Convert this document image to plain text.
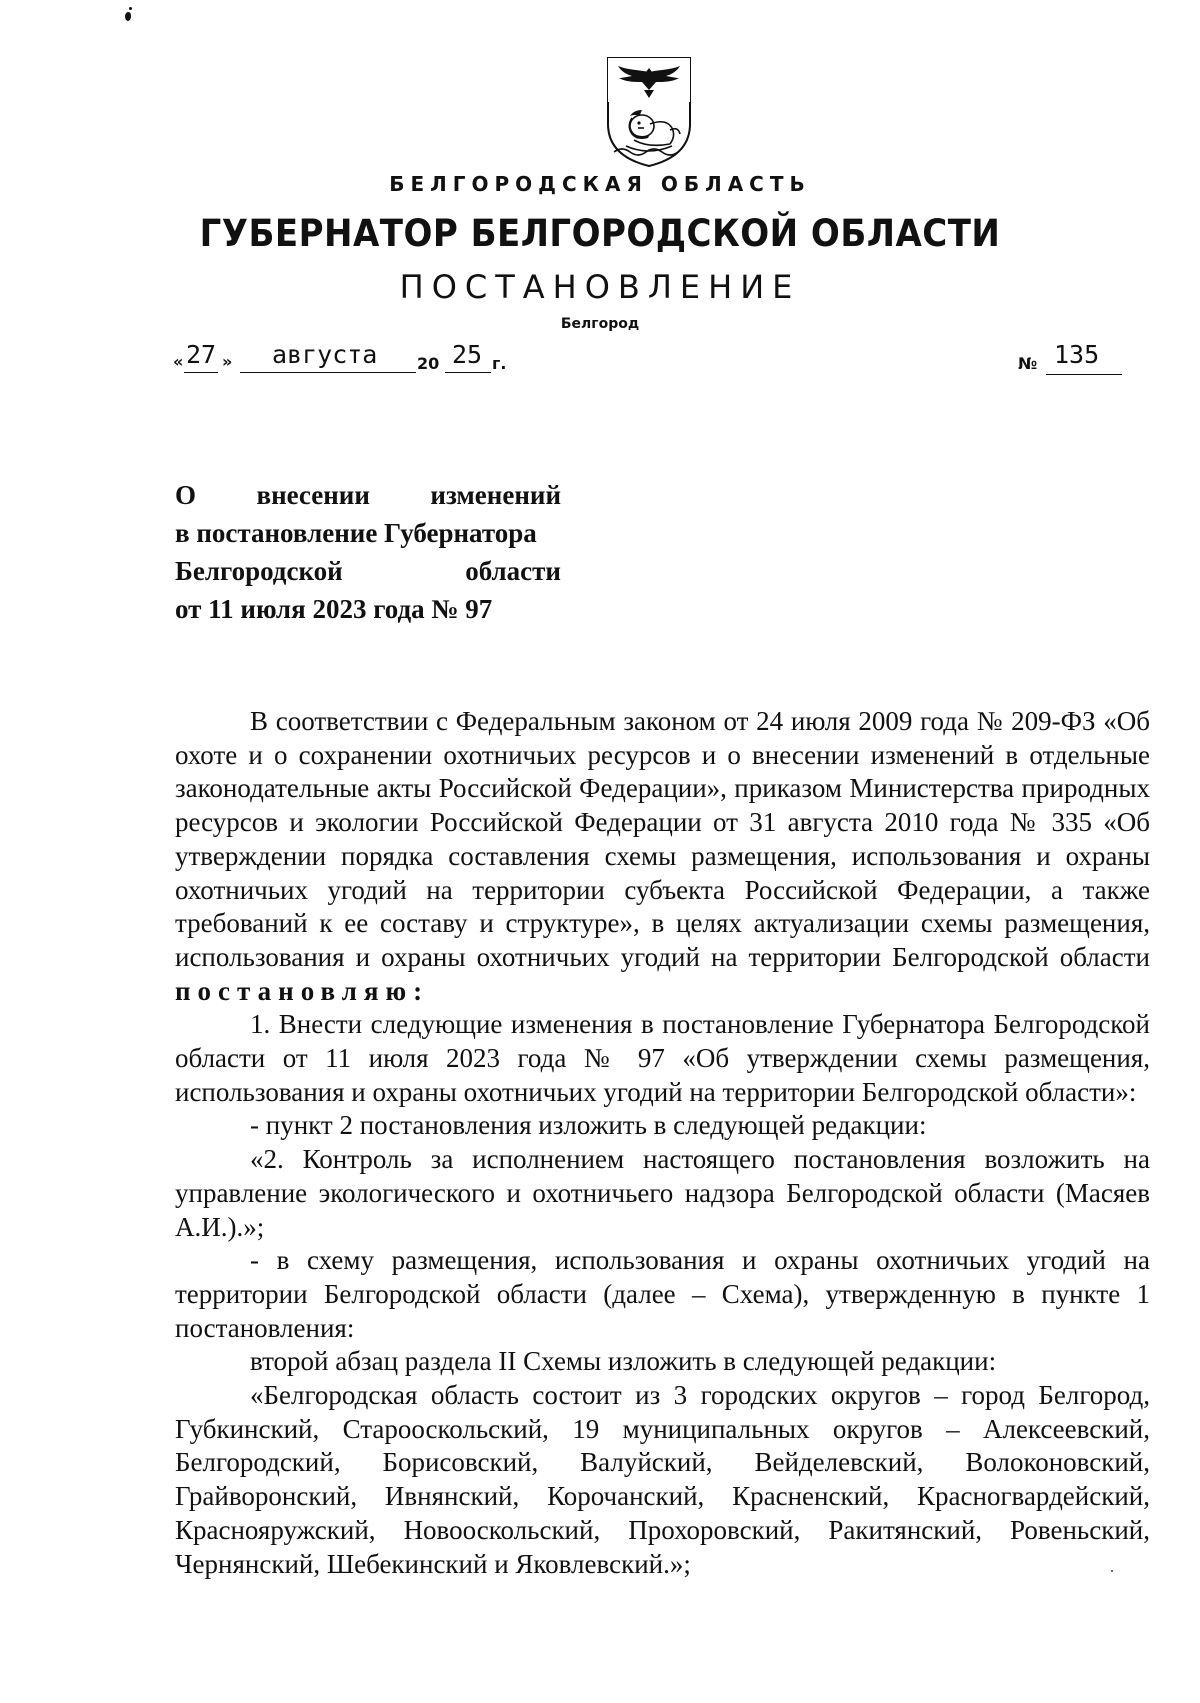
БЕЛГОРОДСКАЯ ОБЛАСТЬ
ГУБЕРНАТОР БЕЛГОРОДСКОЙ ОБЛАСТИ
ПОСТАНОВЛЕНИЕ
Белгород
« 27 » августа 20 25 г.	№ 135
О внесении изменений
в постановление Губернатора
Белгородской области
от 11 июля 2023 года № 97

В соответствии с Федеральным законом от 24 июля 2009 года № 209-ФЗ «Об охоте и о сохранении охотничьих ресурсов и о внесении изменений в отдельные законодательные акты Российской Федерации», приказом Министерства природных ресурсов и экологии Российской Федерации от 31 августа 2010 года № 335 «Об утверждении порядка составления схемы размещения, использования и охраны охотничьих угодий на территории субъекта Российской Федерации, а также требований к ее составу и структуре», в целях актуализации схемы размещения, использования и охраны охотничьих угодий на территории Белгородской области постановляю:

1. Внести следующие изменения в постановление Губернатора Белгородской области от 11 июля 2023 года № 97 «Об утверждении схемы размещения, использования и охраны охотничьих угодий на территории Белгородской области»:

- пункт 2 постановления изложить в следующей редакции:

«2. Контроль за исполнением настоящего постановления возложить на управление экологического и охотничьего надзора Белгородской области (Масяев А.И.).»;

- в схему размещения, использования и охраны охотничьих угодий на территории Белгородской области (далее – Схема), утвержденную в пункте 1 постановления:

второй абзац раздела II Схемы изложить в следующей редакции:

«Белгородская область состоит из 3 городских округов – город Белгород, Губкинский, Старооскольский, 19 муниципальных округов – Алексеевский, Белгородский, Борисовский, Валуйский, Вейделевский, Волоконовский, Грайворонский, Ивнянский, Корочанский, Красненский, Красногвардейский, Краснояружский, Новооскольский, Прохоровский, Ракитянский, Ровеньский, Чернянский, Шебекинский и Яковлевский.»;
